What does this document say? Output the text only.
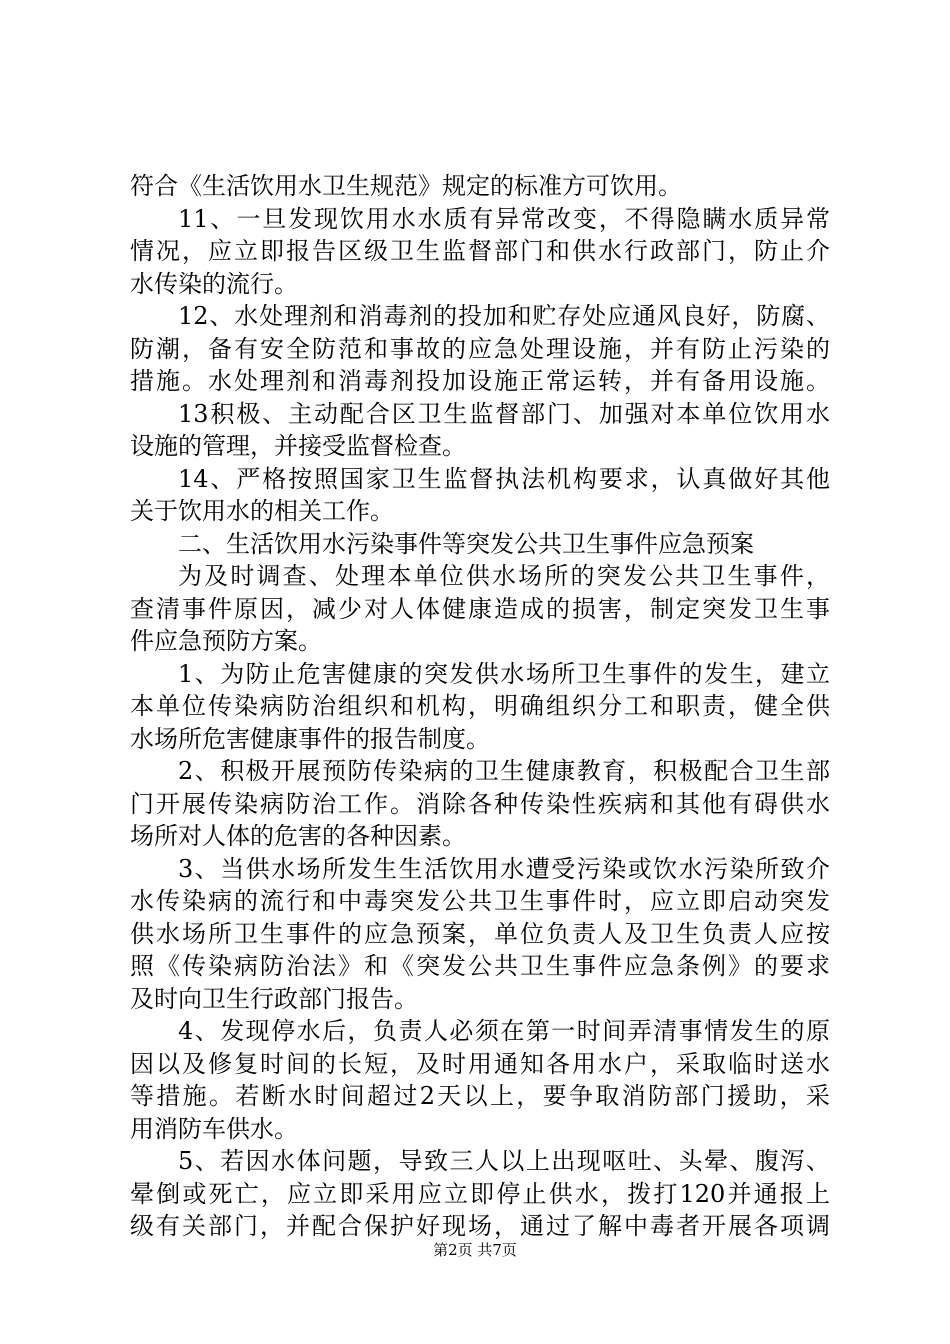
符合《生活饮用水卫生规范》规定的标准方可饮用。
11、一旦发现饮用水水质有异常改变，不得隐瞒水质异常
情况，应立即报告区级卫生监督部门和供水行政部门，防止介
水传染的流行。
12、水处理剂和消毒剂的投加和贮存处应通风良好，防腐、
防潮，备有安全防范和事故的应急处理设施，并有防止污染的
措施。水处理剂和消毒剂投加设施正常运转，并有备用设施。
13积极、主动配合区卫生监督部门、加强对本单位饮用水
设施的管理，并接受监督检查。
14、严格按照国家卫生监督执法机构要求，认真做好其他
关于饮用水的相关工作。
二、生活饮用水污染事件等突发公共卫生事件应急预案
为及时调查、处理本单位供水场所的突发公共卫生事件，
查清事件原因，减少对人体健康造成的损害，制定突发卫生事
件应急预防方案。
1、为防止危害健康的突发供水场所卫生事件的发生，建立
本单位传染病防治组织和机构，明确组织分工和职责，健全供
水场所危害健康事件的报告制度。
2、积极开展预防传染病的卫生健康教育，积极配合卫生部
门开展传染病防治工作。消除各种传染性疾病和其他有碍供水
场所对人体的危害的各种因素。
3、当供水场所发生生活饮用水遭受污染或饮水污染所致介
水传染病的流行和中毒突发公共卫生事件时，应立即启动突发
供水场所卫生事件的应急预案，单位负责人及卫生负责人应按
照《传染病防治法》和《突发公共卫生事件应急条例》的要求
及时向卫生行政部门报告。
4、发现停水后，负责人必须在第一时间弄清事情发生的原
因以及修复时间的长短，及时用通知各用水户，采取临时送水
等措施。若断水时间超过2天以上，要争取消防部门援助，采
用消防车供水。
5、若因水体问题，导致三人以上出现呕吐、头晕、腹泻、
晕倒或死亡，应立即采用应立即停止供水，拨打120并通报上
级有关部门，并配合保护好现场，通过了解中毒者开展各项调
第2页 共7页
